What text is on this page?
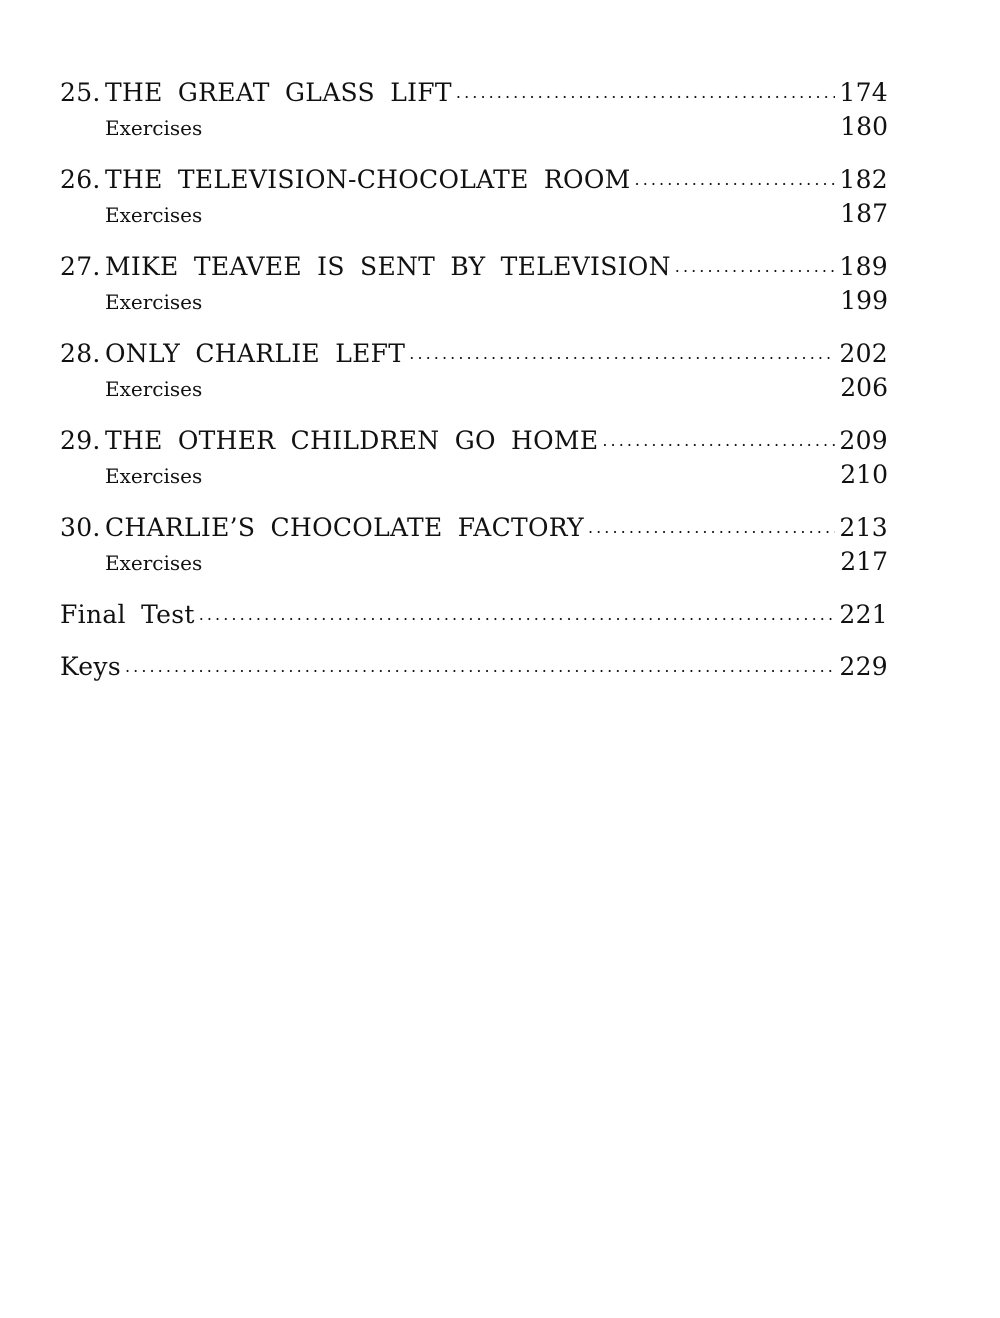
25. THE GREAT GLASS LIFT . . .	174
Exercises . . .	180
26. THE TELEVISION-CHOCOLATE ROOM . . .	182
Exercises . . .	187
27. MIKE TEAVEE IS SENT BY TELEVISION . . .	189
Exercises . . .	199
28. ONLY CHARLIE LEFT . . .	202
Exercises . . .	206
29. THE OTHER CHILDREN GO HOME . . .	209
Exercises . . .	210
30. CHARLIE’S CHOCOLATE FACTORY . . .	213
Exercises . . .	217
Final Test . . .	221
Keys . . .	229
